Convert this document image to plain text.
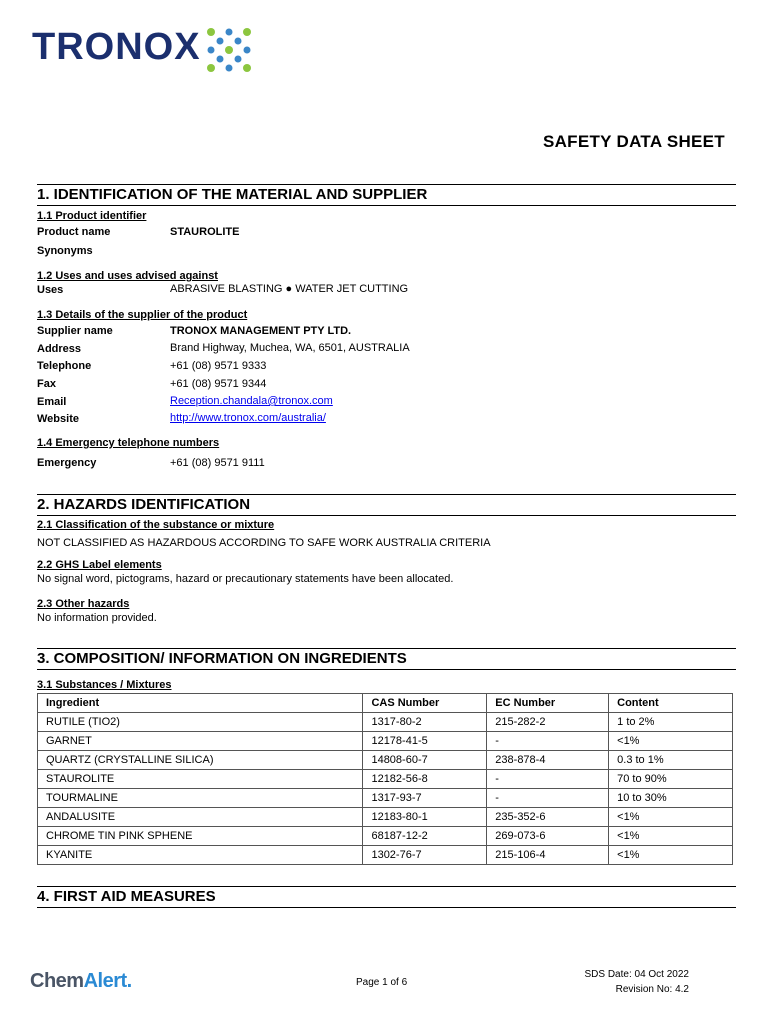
TRONOX
SAFETY DATA SHEET
1. IDENTIFICATION OF THE MATERIAL AND SUPPLIER
1.1 Product identifier
Product name	STAUROLITE
Synonyms
1.2 Uses and uses advised against
Uses	ABRASIVE BLASTING ● WATER JET CUTTING
1.3 Details of the supplier of the product
Supplier name	TRONOX MANAGEMENT PTY LTD.
Address	Brand Highway, Muchea, WA, 6501, AUSTRALIA
Telephone	+61 (08) 9571 9333
Fax	+61 (08) 9571 9344
Email	Reception.chandala@tronox.com
Website	http://www.tronox.com/australia/
1.4 Emergency telephone numbers
Emergency	+61 (08) 9571 9111
2. HAZARDS IDENTIFICATION
2.1 Classification of the substance or mixture
NOT CLASSIFIED AS HAZARDOUS ACCORDING TO SAFE WORK AUSTRALIA CRITERIA
2.2 GHS Label elements
No signal word, pictograms, hazard or precautionary statements have been allocated.
2.3 Other hazards
No information provided.
3. COMPOSITION/ INFORMATION ON INGREDIENTS
3.1 Substances / Mixtures
Ingredient	CAS Number	EC Number	Content
RUTILE (TIO2)	1317-80-2	215-282-2	1 to 2%
GARNET	12178-41-5	-	<1%
QUARTZ (CRYSTALLINE SILICA)	14808-60-7	238-878-4	0.3 to 1%
STAUROLITE	12182-56-8	-	70 to 90%
TOURMALINE	1317-93-7	-	10 to 30%
ANDALUSITE	12183-80-1	235-352-6	<1%
CHROME TIN PINK SPHENE	68187-12-2	269-073-6	<1%
KYANITE	1302-76-7	215-106-4	<1%
4. FIRST AID MEASURES
ChemAlert.	Page 1 of 6
SDS Date: 04 Oct 2022
Revision No: 4.2
